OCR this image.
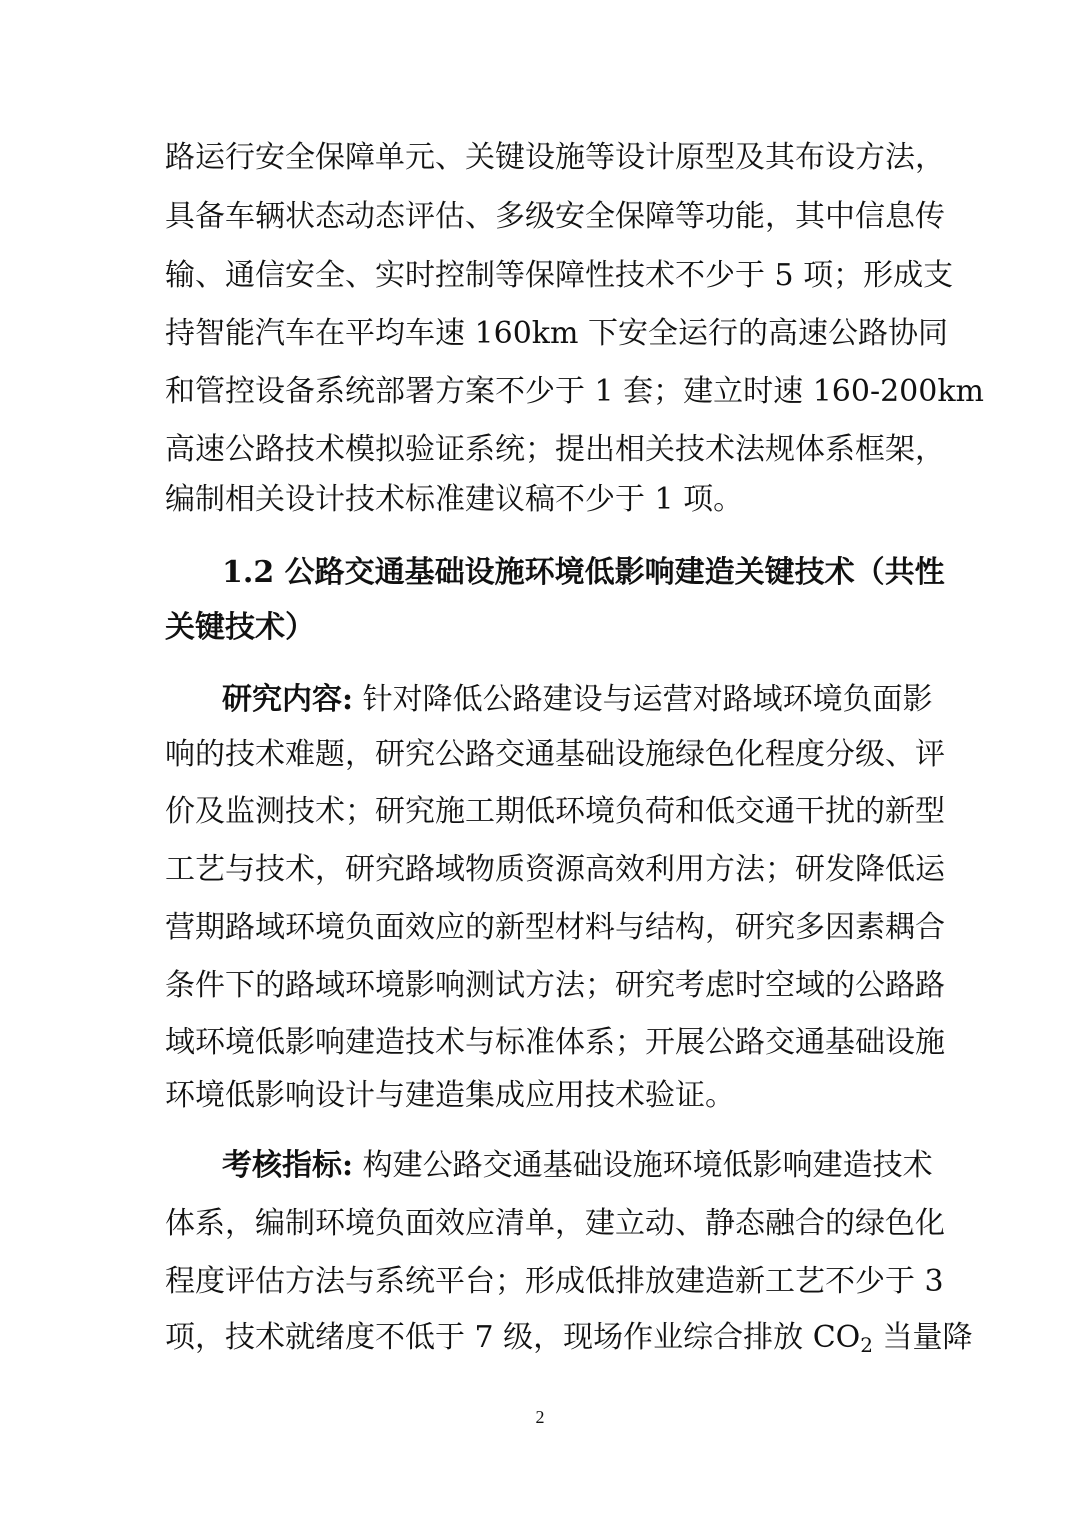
路运行安全保障单元、关键设施等设计原型及其布设方法，
具备车辆状态动态评估、多级安全保障等功能，其中信息传
输、通信安全、实时控制等保障性技术不少于 5 项；形成支
持智能汽车在平均车速 160km 下安全运行的高速公路协同
和管控设备系统部署方案不少于 1 套；建立时速 160-200km
高速公路技术模拟验证系统；提出相关技术法规体系框架，
编制相关设计技术标准建议稿不少于 1 项。
1.2 公路交通基础设施环境低影响建造关键技术（共性
关键技术）
研究内容: 针对降低公路建设与运营对路域环境负面影
响的技术难题，研究公路交通基础设施绿色化程度分级、评
价及监测技术；研究施工期低环境负荷和低交通干扰的新型
工艺与技术，研究路域物质资源高效利用方法；研发降低运
营期路域环境负面效应的新型材料与结构，研究多因素耦合
条件下的路域环境影响测试方法；研究考虑时空域的公路路
域环境低影响建造技术与标准体系；开展公路交通基础设施
环境低影响设计与建造集成应用技术验证。
考核指标: 构建公路交通基础设施环境低影响建造技术
体系，编制环境负面效应清单，建立动、静态融合的绿色化
程度评估方法与系统平台；形成低排放建造新工艺不少于 3
项，技术就绪度不低于 7 级，现场作业综合排放 $CO_2$ 当量降
2
